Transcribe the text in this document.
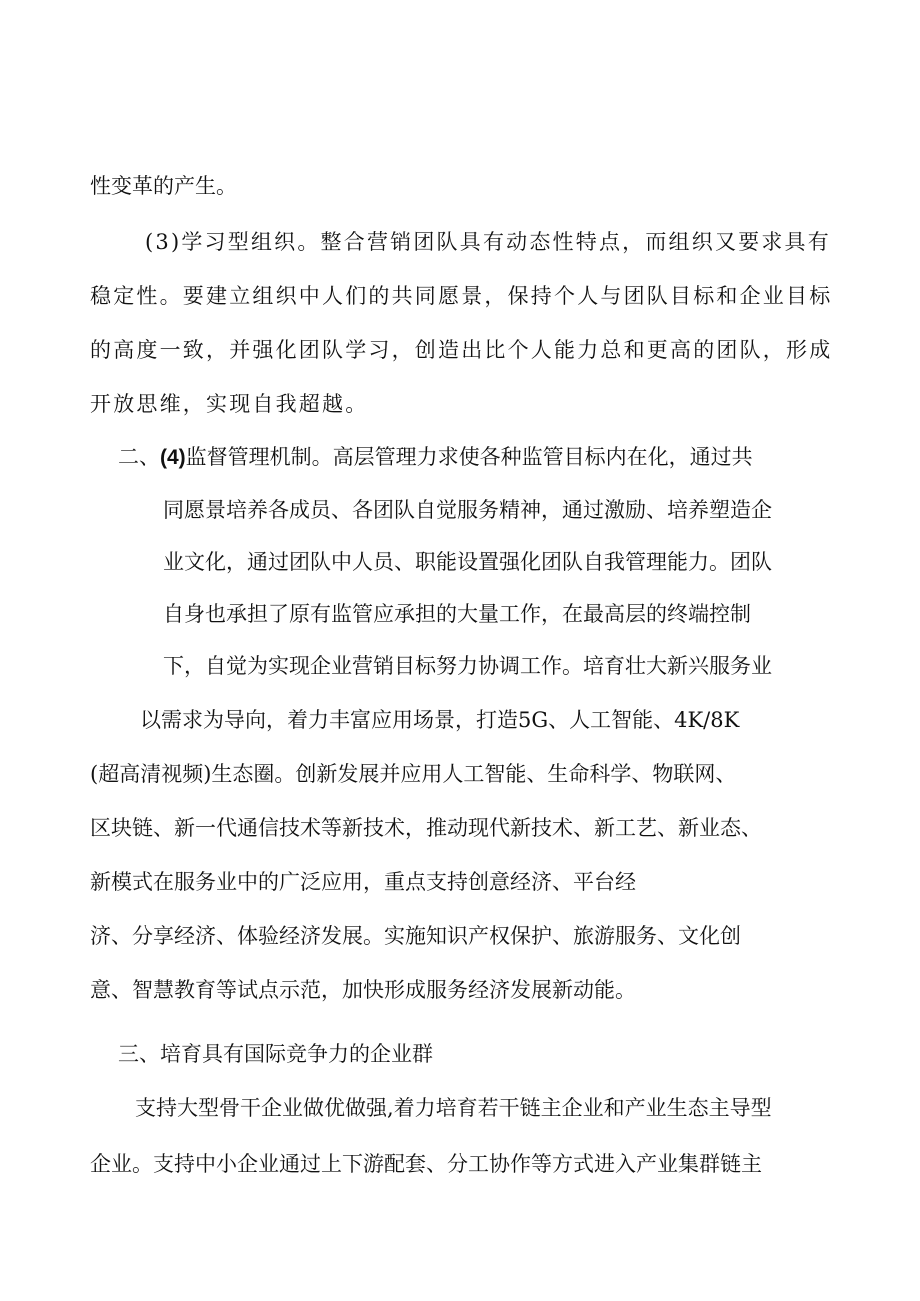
性变革的产生。
(3)学习型组织。整合营销团队具有动态性特点，而组织又要求具有
稳定性。要建立组织中人们的共同愿景，保持个人与团队目标和企业目标
的高度一致，并强化团队学习，创造出比个人能力总和更高的团队，形成
开放思维，实现自我超越。
二、(4)监督管理机制。高层管理力求使各种监管目标内在化，通过共
同愿景培养各成员、各团队自觉服务精神，通过激励、培养塑造企
业文化，通过团队中人员、职能设置强化团队自我管理能力。团队
自身也承担了原有监管应承担的大量工作，在最高层的终端控制
下，自觉为实现企业营销目标努力协调工作。培育壮大新兴服务业
以需求为导向，着力丰富应用场景，打造5G、人工智能、4K/8K
(超高清视频)生态圈。创新发展并应用人工智能、生命科学、物联网、
区块链、新一代通信技术等新技术，推动现代新技术、新工艺、新业态、
新模式在服务业中的广泛应用，重点支持创意经济、平台经
济、分享经济、体验经济发展。实施知识产权保护、旅游服务、文化创
意、智慧教育等试点示范，加快形成服务经济发展新动能。
三、培育具有国际竞争力的企业群
支持大型骨干企业做优做强,着力培育若干链主企业和产业生态主导型
企业。支持中小企业通过上下游配套、分工协作等方式进入产业集群链主
